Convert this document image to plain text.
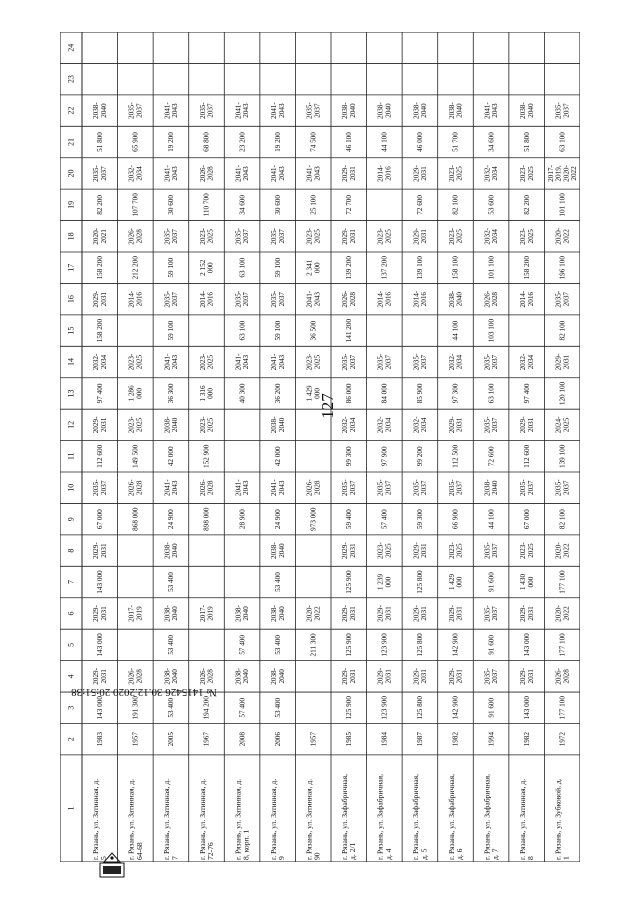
127
1
2
3
4
5
6
7
8
9
10
11
12
13
14
15
16
17
18
19
20
21
22
23
24
г. Рязань, ул. Затинная, д.5
1983
143 000
2029-2031
143 000
2029-2031
143 000
2029-2031
67 000
2035-2037
112 600
2029-2031
97 400
2032-2034
158 200
2029-2031
158 200
2020-2021
82 200
2035-2037
51 800
2038-2040
г. Рязань, ул. Затинная, д.64-68
1957
191 300
2026-2028
2017-2019
868 000
2026-2028
149 500
2023-2025
1 286000
2023-2025
2014-2016
212 200
2026-2028
107 700
2032-2034
65 900
2035-2037
г. Рязань, ул. Затинная, д.7
2005
53 400
2038-2040
53 400
2038-2040
53 400
2038-2040
24 900
2041-2043
42 000
2038-2040
36 300
2041-2043
59 100
2035-2037
59 100
2035-2037
30 600
2041-2043
19 200
2041-2043
г. Рязань, ул. Затинная, д.72-76
1967
194 200
2026-2028
2017-2019
898 000
2026-2028
152 900
2023-2025
1 316000
2023-2025
2014-2016
2 152000
2023-2025
110 700
2026-2028
68 800
2035-2037
г. Рязань, ул. Затинная, д.8, корп. 1
2008
57 400
2038-2040
57 400
2038-2040
28 900
2041-2043
40 300
2041-2043
63 100
2035-2037
63 100
2035-2037
34 600
2041-2043
23 200
2041-2043
г. Рязань, ул. Затинная, д.9
2006
53 400
2038-2040
53 400
2038-2040
53 400
2038-2040
24 900
2041-2043
42 000
2038-2040
36 200
2041-2043
59 100
2035-2037
59 100
2035-2037
30 600
2041-2043
19 200
2041-2043
г. Рязань, ул. Затинная, д.90
1957
211 300
2020-2022
973 000
2026-2028
1 429000
2023-2025
36 500
2041-2043
2 341000
2023-2025
25 100
2041-2043
74 500
2035-2037
г. Рязань, ул. Зафабричная,д. 2/1
1985
125 900
2029-2031
125 900
2029-2031
125 900
2029-2031
59 400
2035-2037
99 300
2032-2034
86 000
2035-2037
141 200
2026-2028
139 200
2029-2031
72 700
2029-2031
46 100
2038-2040
г. Рязань, ул. Зафабричная,д. 4
1984
123 900
2029-2031
123 900
2029-2031
1 239000
2023-2025
57 400
2035-2037
97 900
2032-2034
84 000
2035-2037
2014-2016
137 200
2023-2025
2014-2016
44 100
2038-2040
г. Рязань, ул. Зафабричная,д. 5
1987
125 800
2029-2031
125 800
2029-2031
125 800
2029-2031
59 300
2035-2037
99 200
2032-2034
85 900
2035-2037
2014-2016
139 100
2029-2031
72 600
2029-2031
46 000
2038-2040
г. Рязань, ул. Зафабричная,д. 6
1982
142 900
2029-2031
142 900
2029-2031
1 429000
2023-2025
66 900
2035-2037
112 500
2029-2031
97 300
2032-2034
44 100
2038-2040
158 100
2023-2025
82 100
2023-2025
51 700
2038-2040
г. Рязань, ул. Зафабричная,д. 7
1994
91 600
2035-2037
91 600
2035-2037
91 600
2035-2037
44 100
2038-2040
72 600
2035-2037
63 100
2035-2037
103 100
2026-2028
101 100
2032-2034
53 600
2032-2034
34 600
2041-2043
г. Рязань, ул. Затинная, д.8
1982
143 000
2029-2031
143 000
2029-2031
1 430000
2023-2025
67 000
2035-2037
112 600
2029-2031
97 400
2032-2034
2014-2016
158 200
2023-2025
82 200
2023-2025
51 800
2038-2040
г. Рязань, ул. Зубковой, д.1
1972
177 100
2026-2028
177 100
2020-2022
177 100
2020-2022
82 100
2035-2037
139 100
2024-2025
120 100
2029-2031
82 100
2035-2037
196 100
2020-2022
101 100
2017-2019,2020-2022
63 100
2035-2037
№ 1415426 30.12.2020 20:51:38
